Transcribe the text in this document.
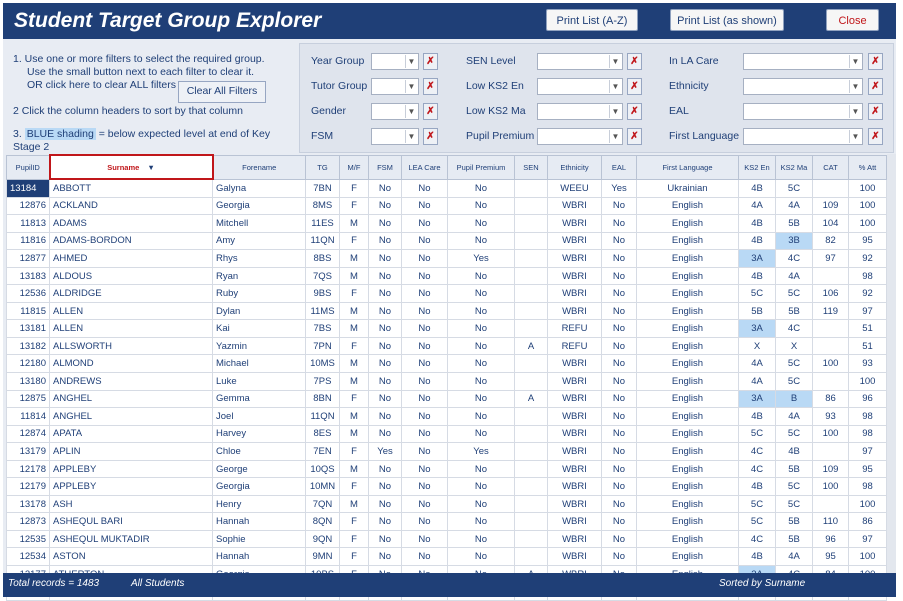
Student Target Group Explorer	Print List (A-Z)	Print List (as shown)	Close
1. Use one or more filters to select the required group.
Use the small button next to each filter to clear it.
OR click here to clear ALL filters	Clear All Filters
2 Click the column headers to sort by that column
3. BLUE shading = below expected level at end of Key Stage 2
Year Group	▼	✗
Tutor Group	▼	✗
Gender	▼	✗
FSM	▼	✗
SEN Level	▼	✗
Low KS2 En	▼	✗
Low KS2 Ma	▼	✗
Pupil Premium	▼	✗
In LA Care	▼	✗
Ethnicity	▼	✗
EAL	▼	✗
First Language	▼	✗
PupilID	Surname ▼	Forename	TG	M/F	FSM	LEA Care	Pupil Premium	SEN	Ethnicity	EAL	First Language	KS2 En	KS2 Ma	CAT	% Att
13184	ABBOTT	Galyna	7BN	F	No	No	No		WEEU	Yes	Ukrainian	4B	5C		100
12876	ACKLAND	Georgia	8MS	F	No	No	No		WBRI	No	English	4A	4A	109	100
11813	ADAMS	Mitchell	11ES	M	No	No	No		WBRI	No	English	4B	5B	104	100
11816	ADAMS-BORDON	Amy	11QN	F	No	No	No		WBRI	No	English	4B	3B	82	95
12877	AHMED	Rhys	8BS	M	No	No	Yes		WBRI	No	English	3A	4C	97	92
13183	ALDOUS	Ryan	7QS	M	No	No	No		WBRI	No	English	4B	4A		98
12536	ALDRIDGE	Ruby	9BS	F	No	No	No		WBRI	No	English	5C	5C	106	92
11815	ALLEN	Dylan	11MS	M	No	No	No		WBRI	No	English	5B	5B	119	97
13181	ALLEN	Kai	7BS	M	No	No	No		REFU	No	English	3A	4C		51
13182	ALLSWORTH	Yazmin	7PN	F	No	No	No	A	REFU	No	English	X	X		51
12180	ALMOND	Michael	10MS	M	No	No	No		WBRI	No	English	4A	5C	100	93
13180	ANDREWS	Luke	7PS	M	No	No	No		WBRI	No	English	4A	5C		100
12875	ANGHEL	Gemma	8BN	F	No	No	No	A	WBRI	No	English	3A	B	86	96
11814	ANGHEL	Joel	11QN	M	No	No	No		WBRI	No	English	4B	4A	93	98
12874	APATA	Harvey	8ES	M	No	No	No		WBRI	No	English	5C	5C	100	98
13179	APLIN	Chloe	7EN	F	Yes	No	Yes		WBRI	No	English	4C	4B		97
12178	APPLEBY	George	10QS	M	No	No	No		WBRI	No	English	4C	5B	109	95
12179	APPLEBY	Georgia	10MN	F	No	No	No		WBRI	No	English	4B	5C	100	98
13178	ASH	Henry	7QN	M	No	No	No		WBRI	No	English	5C	5C		100
12873	ASHEQUL BARI	Hannah	8QN	F	No	No	No		WBRI	No	English	5C	5B	110	86
12535	ASHEQUL MUKTADIR	Sophie	9QN	F	No	No	No		WBRI	No	English	4C	5B	96	97
12534	ASTON	Hannah	9MN	F	No	No	No		WBRI	No	English	4B	4A	95	100

Total records = 1483	All Students	Sorted by Surname
